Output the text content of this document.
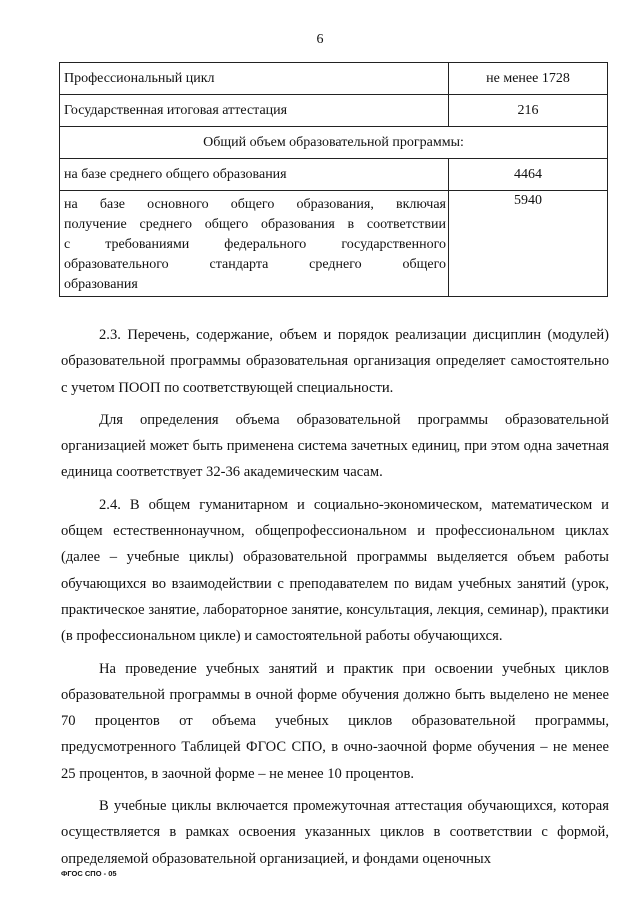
6
Профессиональный цикл	не менее 1728
Государственная итоговая аттестация	216
Общий объем образовательной программы:	
на базе среднего общего образования	4464

на базе основного общего образования, включая
получение среднего общего образования в соответствии
с требованиями федерального государственного
образовательного стандарта среднего общего
образования	5940

2.3. Перечень, содержание, объем и порядок реализации дисциплин (модулей) образовательной программы образовательная организация определяет самостоятельно с учетом ПООП по соответствующей специальности.

Для определения объема образовательной программы образовательной организацией может быть применена система зачетных единиц, при этом одна зачетная единица соответствует 32-36 академическим часам.

2.4. В общем гуманитарном и социально-экономическом, математическом и общем естественнонаучном, общепрофессиональном и профессиональном циклах (далее – учебные циклы) образовательной программы выделяется объем работы обучающихся во взаимодействии с преподавателем по видам учебных занятий (урок, практическое занятие, лабораторное занятие, консультация, лекция, семинар), практики (в профессиональном цикле) и самостоятельной работы обучающихся.

На проведение учебных занятий и практик при освоении учебных циклов образовательной программы в очной форме обучения должно быть выделено не менее 70 процентов от объема учебных циклов образовательной программы, предусмотренного Таблицей ФГОС СПО, в очно-заочной форме обучения – не менее 25 процентов, в заочной форме – не менее 10 процентов.

В учебные циклы включается промежуточная аттестация обучающихся, которая осуществляется в рамках освоения указанных циклов в соответствии с формой, определяемой образовательной организацией, и фондами оценочных

ФГОС СПО - 05
